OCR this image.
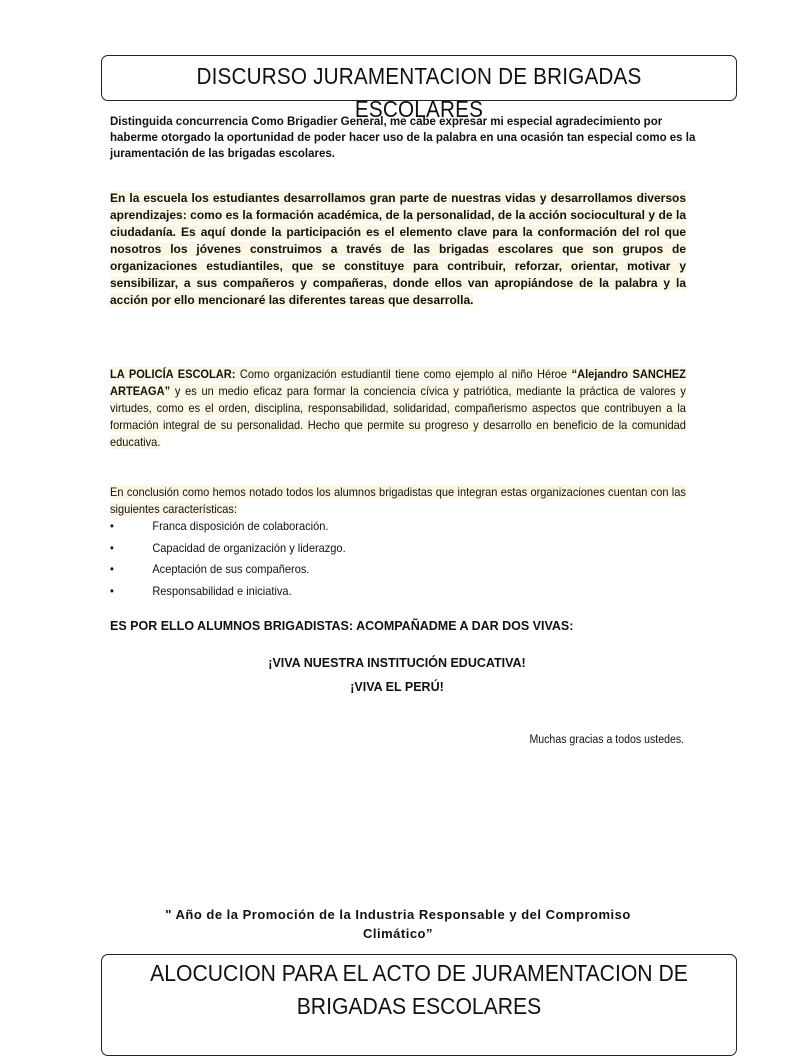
DISCURSO JURAMENTACION DE BRIGADAS
ESCOLARES
Distinguida concurrencia Como Brigadier General, me cabe expresar mi especial agradecimiento por haberme otorgado la oportunidad de poder hacer uso de la palabra en una ocasión tan especial como es la juramentación de las brigadas escolares.
En la escuela los estudiantes desarrollamos gran parte de nuestras vidas y desarrollamos diversos aprendizajes: como es la formación académica, de la personalidad, de la acción sociocultural y de la ciudadanía. Es aquí donde la participación es el elemento clave para la conformación del rol que nosotros los jóvenes construimos a través de las brigadas escolares que son grupos de organizaciones estudiantiles, que se constituye para contribuir, reforzar, orientar, motivar y sensibilizar, a sus compañeros y compañeras, donde ellos van apropiándose de la palabra y la acción por ello mencionaré las diferentes tareas que desarrolla.
LA POLICÍA ESCOLAR: Como organización estudiantil tiene como ejemplo al niño Héroe “Alejandro SANCHEZ ARTEAGA” y es un medio eficaz para formar la conciencia cívica y patriótica, mediante la práctica de valores y virtudes, como es el orden, disciplina, responsabilidad, solidaridad, compañerismo aspectos que contribuyen a la formación integral de su personalidad. Hecho que permite su progreso y desarrollo en beneficio de la comunidad educativa.
En conclusión como hemos notado todos los alumnos brigadistas que integran estas organizaciones cuentan con las siguientes características:
•	Franca disposición de colaboración.
•	Capacidad de organización y liderazgo.
•	Aceptación de sus compañeros.
•	Responsabilidad e iniciativa.
ES POR ELLO ALUMNOS BRIGADISTAS: ACOMPAÑADME A DAR DOS VIVAS:
¡VIVA NUESTRA INSTITUCIÓN EDUCATIVA!
¡VIVA EL PERÚ!
Muchas gracias a todos ustedes.
" Año de la Promoción de la Industria Responsable y del Compromiso
Climático”
ALOCUCION PARA EL ACTO DE JURAMENTACION DE
BRIGADAS ESCOLARES
